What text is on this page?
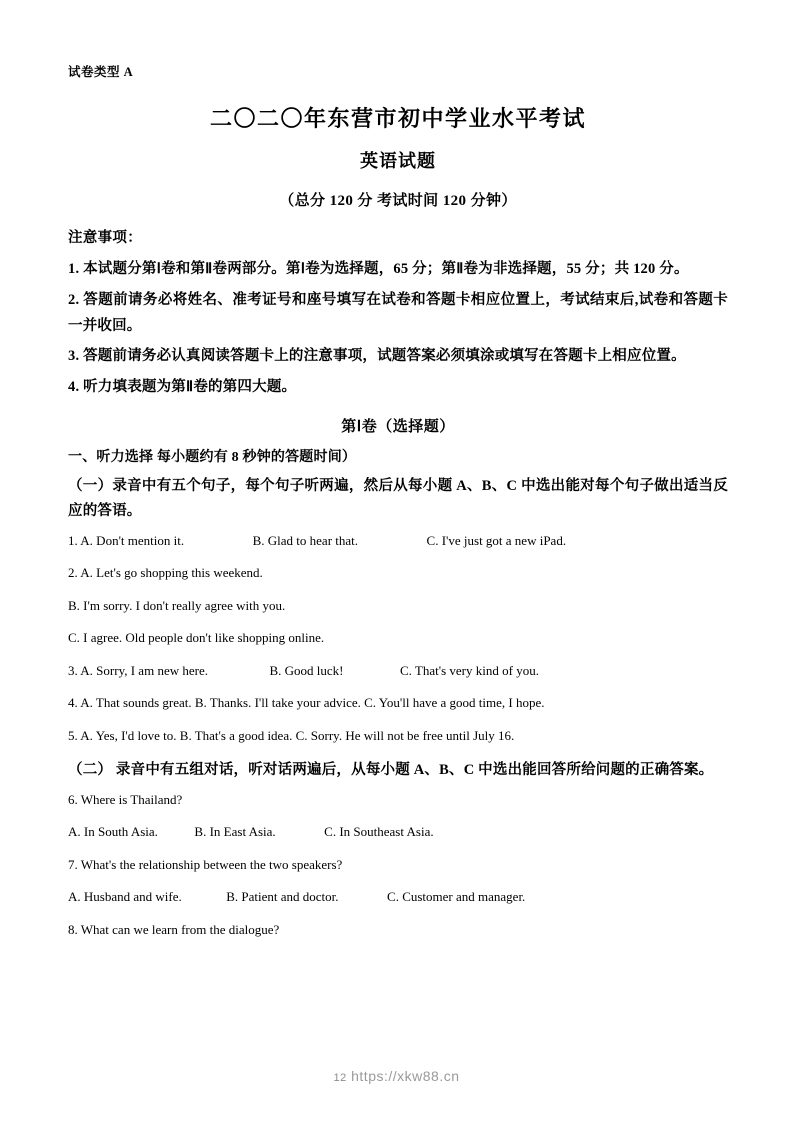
试卷类型 A
二〇二〇年东营市初中学业水平考试
英语试题
（总分 120 分 考试时间 120 分钟）
注意事项：
1. 本试题分第Ⅰ卷和第Ⅱ卷两部分。第Ⅰ卷为选择题，65 分；第Ⅱ卷为非选择题，55 分；共 120 分。
2. 答题前请务必将姓名、准考证号和座号填写在试卷和答题卡相应位置上，考试结束后,试卷和答题卡一并收回。
3. 答题前请务必认真阅读答题卡上的注意事项，试题答案必须填涂或填写在答题卡上相应位置。
4. 听力填表题为第Ⅱ卷的第四大题。
第Ⅰ卷（选择题）
一、听力选择 每小题约有 8 秒钟的答题时间）
（一）录音中有五个句子，每个句子听两遍，然后从每小题 A、B、C 中选出能对每个句子做出适当反应的答语。
1. A. Don't mention it.	B. Glad to hear that.	C. I've just got a new iPad.
2. A. Let's go shopping this weekend.
B. I'm sorry. I don't really agree with you.
C. I agree. Old people don't like shopping online.
3. A. Sorry, I am new here.	B. Good luck!	C. That's very kind of you.
4. A. That sounds great. B. Thanks. I'll take your advice. C. You'll have a good time, I hope.
5. A. Yes, I'd love to. B. That's a good idea. C. Sorry. He will not be free until July 16.
（二） 录音中有五组对话，听对话两遍后，从每小题 A、B、C 中选出能回答所给问题的正确答案。
6. Where is Thailand?
A. In South Asia.	B. In East Asia.	C. In Southeast Asia.
7. What's the relationship between the two speakers?
A. Husband and wife.	B. Patient and doctor.	C. Customer and manager.
8. What can we learn from the dialogue?
12 https://xkw88.cn
